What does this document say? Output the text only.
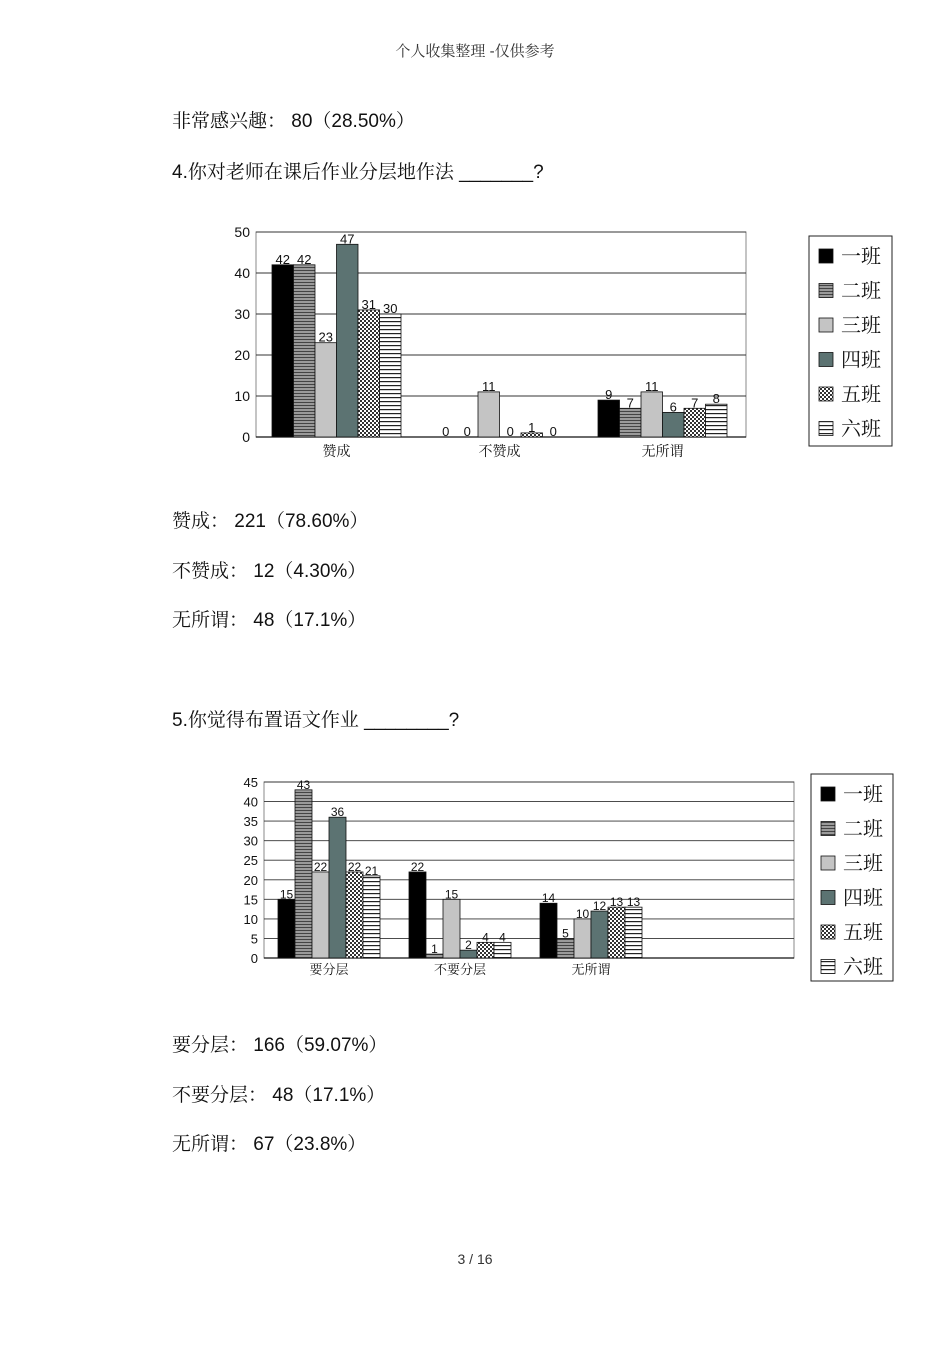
个人收集整理 -仅供参考
非常感兴趣： 80（28.50%）
4.你对老师在课后作业分层地作法 _______?
0
10
20
30
40
50
42 42
23
47
31 30
赞成
0 0
11
0 1 0
不赞成
9
7
11
6 7 8
无所谓
一班
二班
三班
四班
五班
六班
0
5
10
15
20
25
30
35
40
45
15
43
22
36
22 21
要分层
22
1
15
2
4 4
不要分层
14
5
10
12 13 13
无所谓
一班
二班
三班
四班
五班
六班
赞成： 221（78.60%）
不赞成： 12（4.30%）
无所谓： 48（17.1%）
5.你觉得布置语文作业 ________?
要分层： 166（59.07%）
不要分层： 48（17.1%）
无所谓： 67（23.8%）
3 / 16
